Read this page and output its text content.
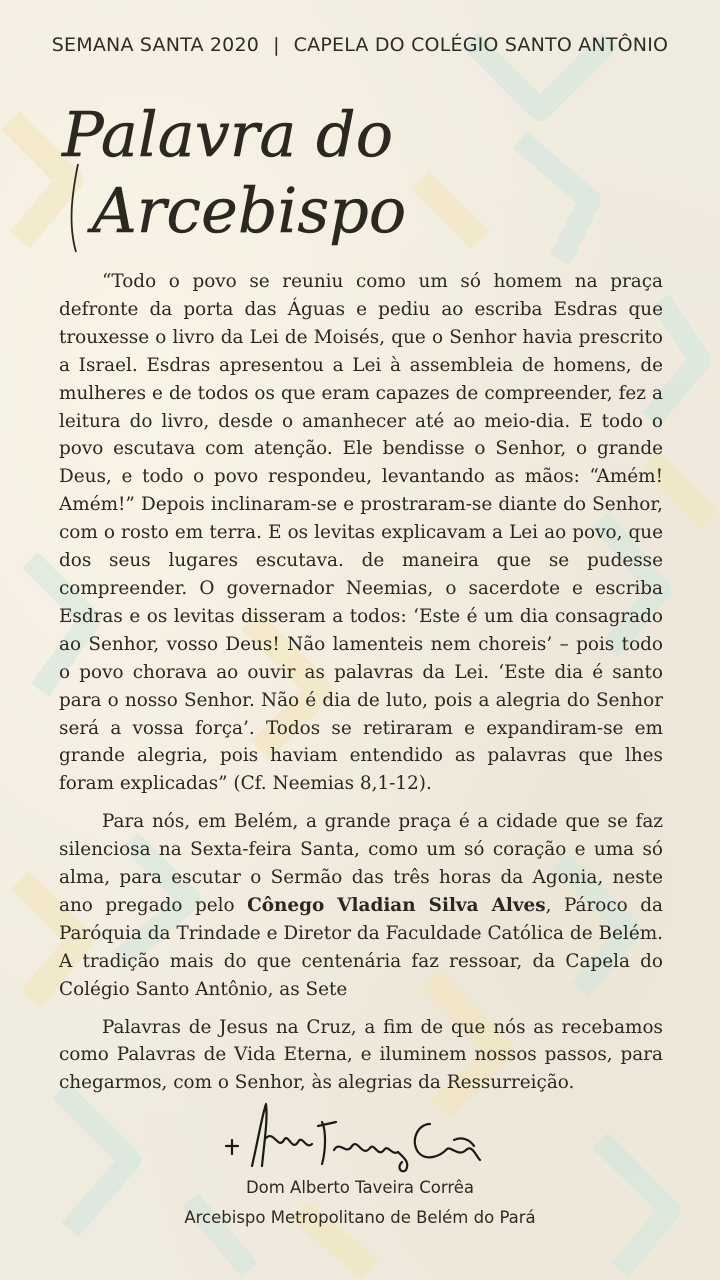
SEMANA SANTA 2020 | CAPELA DO COLÉGIO SANTO ANTÔNIO
Palavra do
Arcebispo

“Todo o povo se reuniu como um só homem na praça defronte da porta das Águas e pediu ao escriba Esdras que trouxesse o livro da Lei de Moisés, que o Senhor havia prescrito a Israel. Esdras apresentou a Lei à assembleia de homens, de mulheres e de todos os que eram capazes de compreender, fez a leitura do livro, desde o amanhecer até ao meio-dia. E todo o povo escutava com atenção. Ele bendisse o Senhor, o grande Deus, e todo o povo respondeu, levantando as mãos: “Amém! Amém!” Depois inclinaram-se e prostraram-se diante do Senhor, com o rosto em terra. E os levitas explicavam a Lei ao povo, que dos seus lugares escutava. de maneira que se pudesse compreender. O governador Neemias, o sacerdote e escriba Esdras e os levitas disseram a todos: ‘Este é um dia consagrado ao Senhor, vosso Deus! Não lamenteis nem choreis’ – pois todo o povo chorava ao ouvir as palavras da Lei. ‘Este dia é santo para o nosso Senhor. Não é dia de luto, pois a alegria do Senhor será a vossa força’. Todos se retiraram e expandiram-se em grande alegria, pois haviam entendido as palavras que lhes foram explicadas” (Cf. Neemias 8,1-12).

Para nós, em Belém, a grande praça é a cidade que se faz silenciosa na Sexta-feira Santa, como um só coração e uma só alma, para escutar o Sermão das três horas da Agonia, neste ano pregado pelo Cônego Vladian Silva Alves, Pároco da Paróquia da Trindade e Diretor da Faculdade Católica de Belém. A tradição mais do que centenária faz ressoar, da Capela do Colégio Santo Antônio, as Sete

Palavras de Jesus na Cruz, a fim de que nós as recebamos como Palavras de Vida Eterna, e iluminem nossos passos, para chegarmos, com o Senhor, às alegrias da Ressurreição.

Dom Alberto Taveira Corrêa
Arcebispo Metropolitano de Belém do Pará
